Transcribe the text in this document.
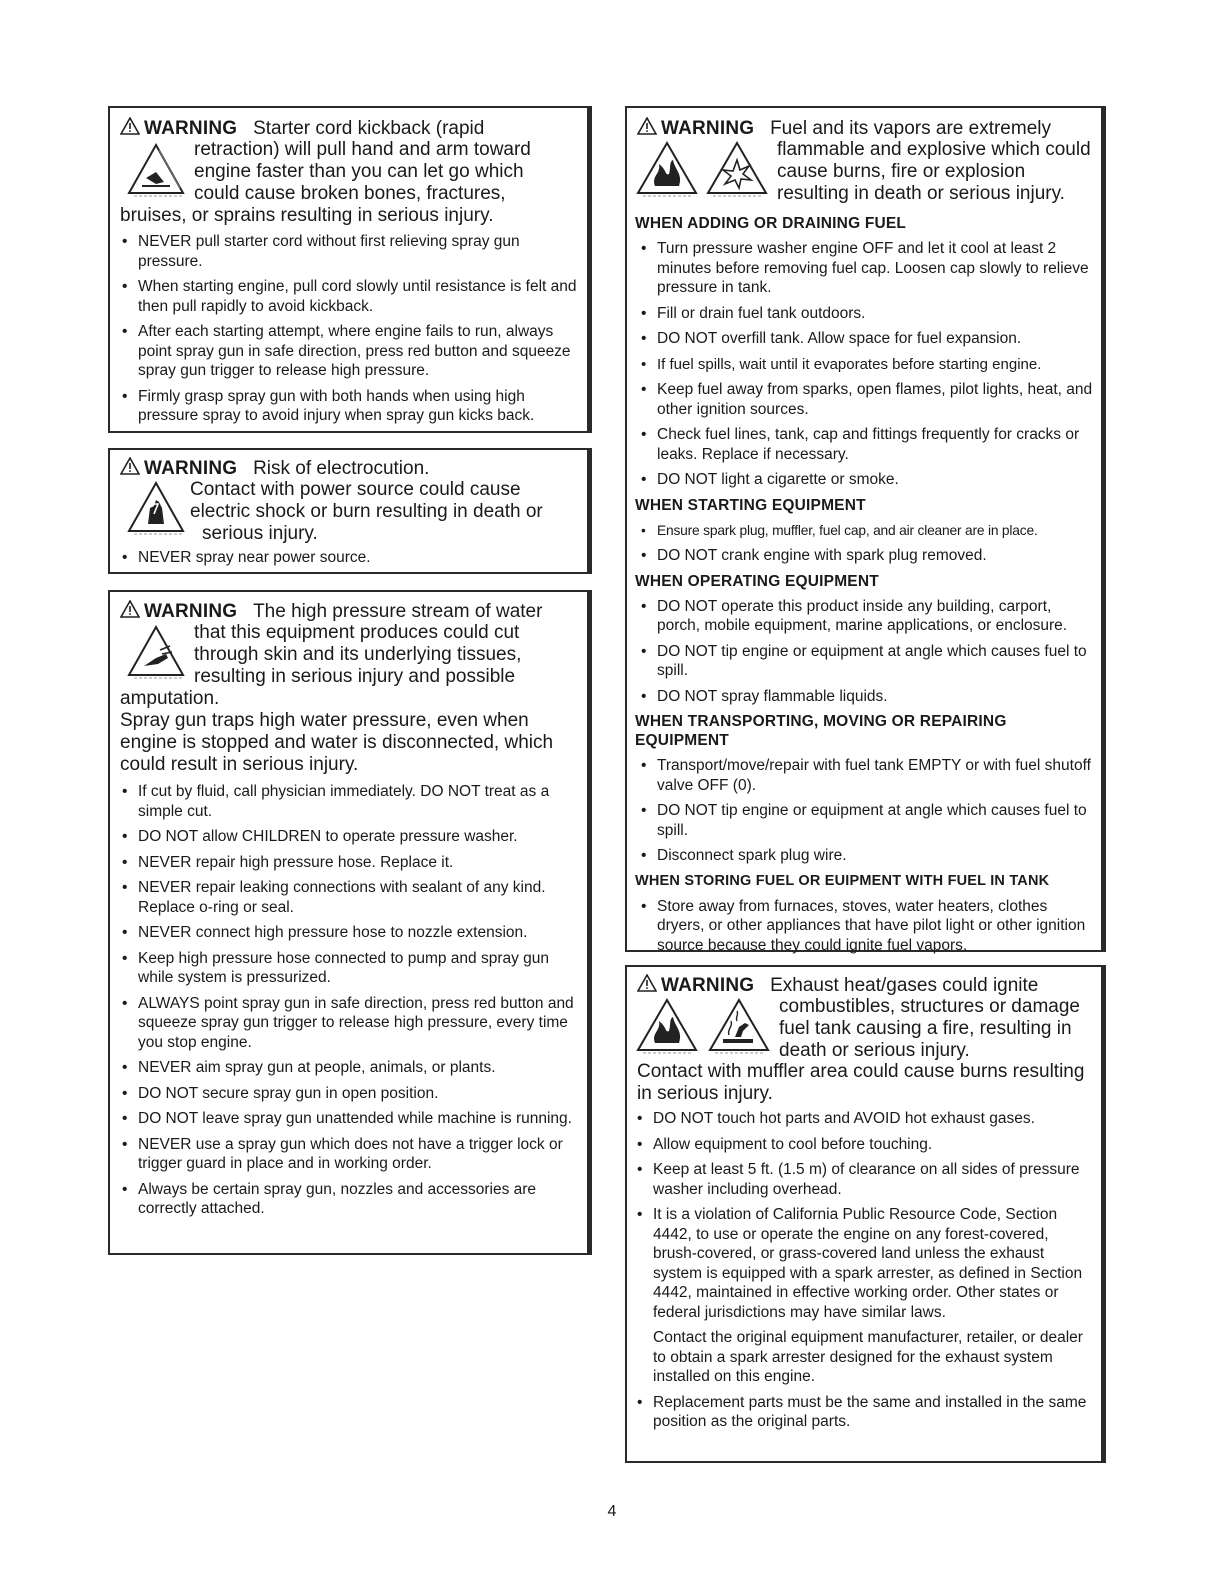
WARNING Starter cord kickback (rapid
retraction) will pull hand and arm toward
engine faster than you can let go which
could cause broken bones, fractures,
bruises, or sprains resulting in serious injury.
• NEVER pull starter cord without first relieving spray gun pressure.
• When starting engine, pull cord slowly until resistance is felt and then pull rapidly to avoid kickback.
• After each starting attempt, where engine fails to run, always point spray gun in safe direction, press red button and squeeze spray gun trigger to release high pressure.
• Firmly grasp spray gun with both hands when using high pressure spray to avoid injury when spray gun kicks back.
WARNING Risk of electrocution.
Contact with power source could cause
electric shock or burn resulting in death or
serious injury.
• NEVER spray near power source.
WARNING The high pressure stream of water
that this equipment produces could cut
through skin and its underlying tissues,
resulting in serious injury and possible
amputation.
Spray gun traps high water pressure, even when engine is stopped and water is disconnected, which could result in serious injury.
• If cut by fluid, call physician immediately. DO NOT treat as a simple cut.
• DO NOT allow CHILDREN to operate pressure washer.
• NEVER repair high pressure hose. Replace it.
• NEVER repair leaking connections with sealant of any kind. Replace o-ring or seal.
• NEVER connect high pressure hose to nozzle extension.
• Keep high pressure hose connected to pump and spray gun while system is pressurized.
• ALWAYS point spray gun in safe direction, press red button and squeeze spray gun trigger to release high pressure, every time you stop engine.
• NEVER aim spray gun at people, animals, or plants.
• DO NOT secure spray gun in open position.
• DO NOT leave spray gun unattended while machine is running.
• NEVER use a spray gun which does not have a trigger lock or trigger guard in place and in working order.
• Always be certain spray gun, nozzles and accessories are correctly attached.
WARNING Fuel and its vapors are extremely
flammable and explosive which could
cause burns, fire or explosion
resulting in death or serious injury.
WHEN ADDING OR DRAINING FUEL
• Turn pressure washer engine OFF and let it cool at least 2 minutes before removing fuel cap. Loosen cap slowly to relieve pressure in tank.
• Fill or drain fuel tank outdoors.
• DO NOT overfill tank. Allow space for fuel expansion.
• If fuel spills, wait until it evaporates before starting engine.
• Keep fuel away from sparks, open flames, pilot lights, heat, and other ignition sources.
• Check fuel lines, tank, cap and fittings frequently for cracks or leaks. Replace if necessary.
• DO NOT light a cigarette or smoke.
WHEN STARTING EQUIPMENT
• Ensure spark plug, muffler, fuel cap, and air cleaner are in place.
• DO NOT crank engine with spark plug removed.
WHEN OPERATING EQUIPMENT
• DO NOT operate this product inside any building, carport, porch, mobile equipment, marine applications, or enclosure.
• DO NOT tip engine or equipment at angle which causes fuel to spill.
• DO NOT spray flammable liquids.
WHEN TRANSPORTING, MOVING OR REPAIRING EQUIPMENT
• Transport/move/repair with fuel tank EMPTY or with fuel shutoff valve OFF (0).
• DO NOT tip engine or equipment at angle which causes fuel to spill.
• Disconnect spark plug wire.
WHEN STORING FUEL OR EUIPMENT WITH FUEL IN TANK
• Store away from furnaces, stoves, water heaters, clothes dryers, or other appliances that have pilot light or other ignition source because they could ignite fuel vapors.
WARNING Exhaust heat/gases could ignite
combustibles, structures or damage
fuel tank causing a fire, resulting in
death or serious injury.
Contact with muffler area could cause burns resulting in serious injury.
• DO NOT touch hot parts and AVOID hot exhaust gases.
• Allow equipment to cool before touching.
• Keep at least 5 ft. (1.5 m) of clearance on all sides of pressure washer including overhead.
• It is a violation of California Public Resource Code, Section 4442, to use or operate the engine on any forest-covered, brush-covered, or grass-covered land unless the exhaust system is equipped with a spark arrester, as defined in Section 4442, maintained in effective working order. Other states or federal jurisdictions may have similar laws.
Contact the original equipment manufacturer, retailer, or dealer to obtain a spark arrester designed for the exhaust system installed on this engine.
• Replacement parts must be the same and installed in the same position as the original parts.
4
